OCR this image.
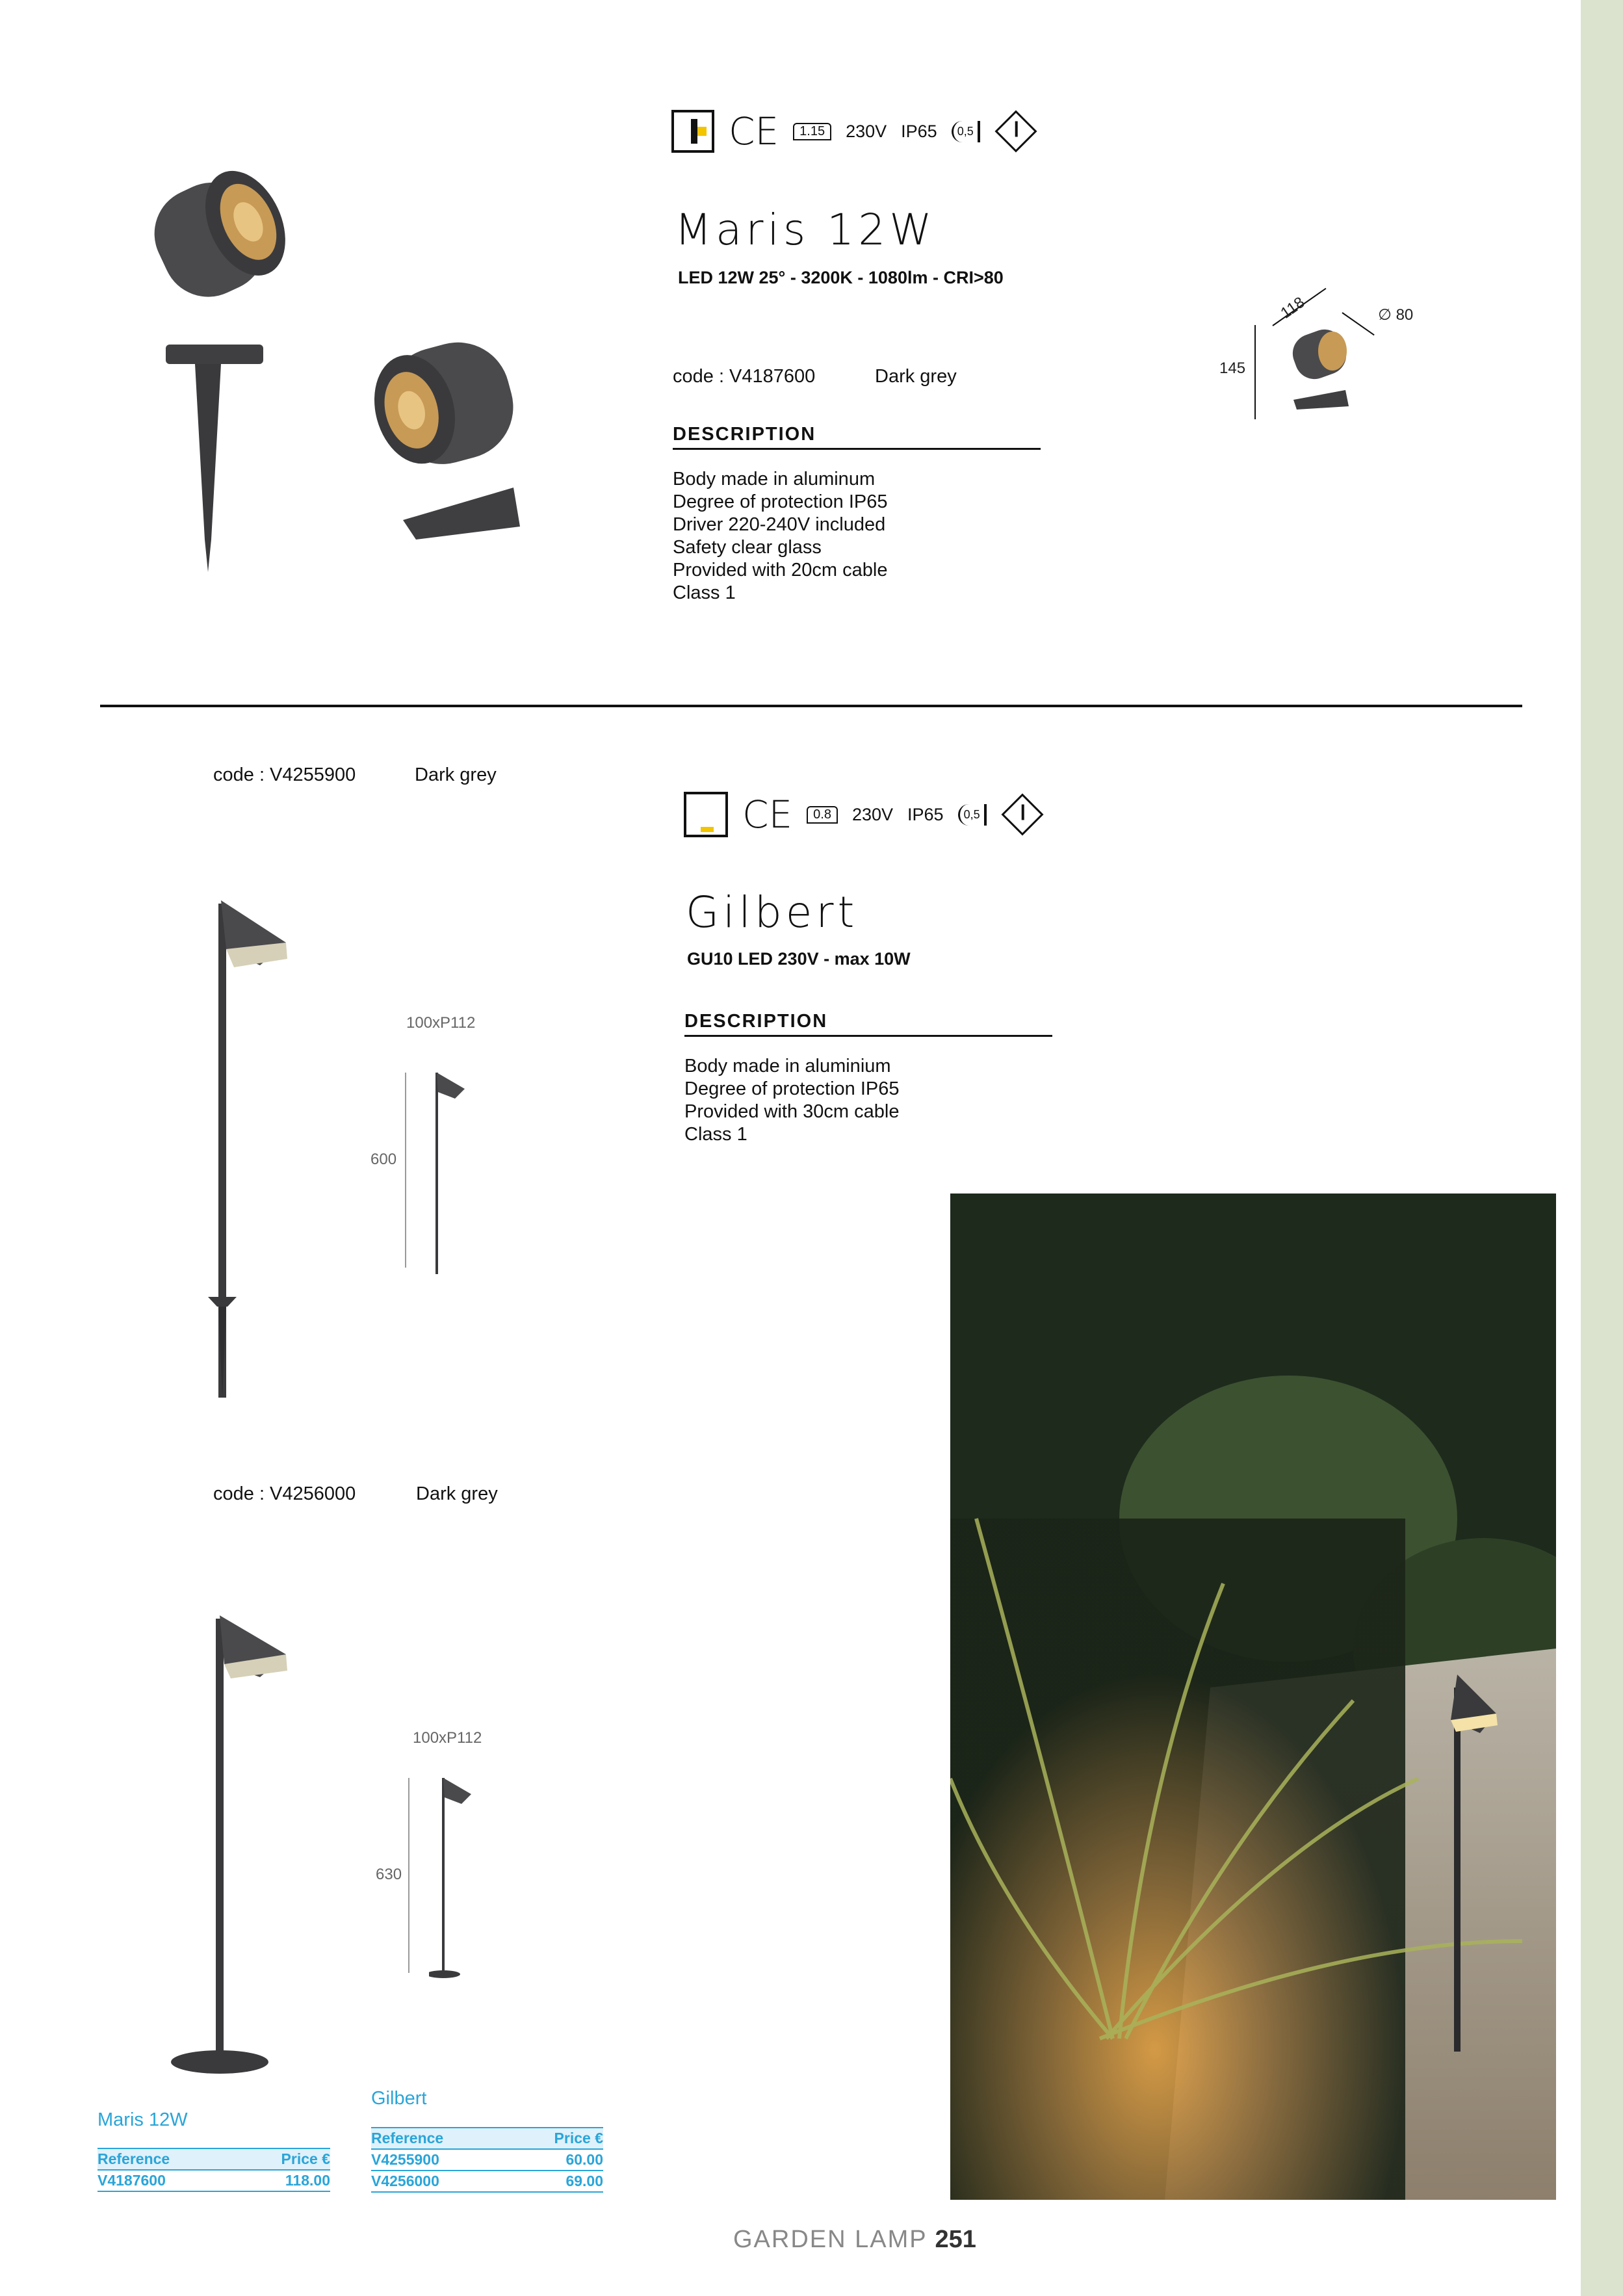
CE	1.15	230V IP65	0,5
Maris 12W
LED 12W 25° - 3200K - 1080lm - CRI>80
code : V4187600	Dark grey
DESCRIPTION
Body made in aluminum
Degree of protection IP65
Driver 220-240V included
Safety clear glass
Provided with 20cm cable
Class 1
145
118	∅ 80
code : V4255900	Dark grey
100xP112
600
code : V4256000	Dark grey
100xP112
630
CE	0.8	230V IP65	0,5
Gilbert
GU10 LED 230V - max 10W
DESCRIPTION
Body made in aluminium
Degree of protection IP65
Provided with 30cm cable
Class 1
Maris 12W
Reference	Price €
V4187600	118.00
Gilbert
Reference	Price €
V4255900	60.00
V4256000	69.00
GARDEN LAMP 251
